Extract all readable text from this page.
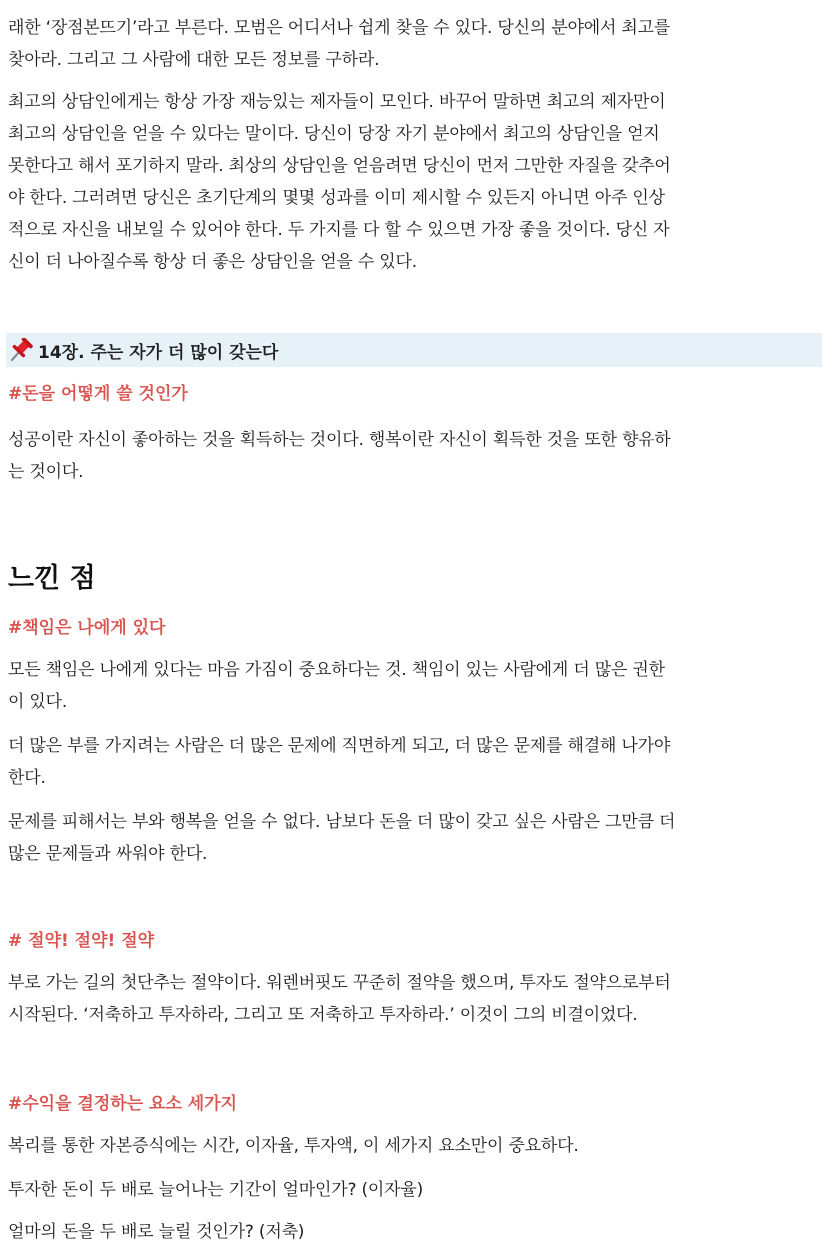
래한 ‘장점본뜨기’라고 부른다. 모범은 어디서나 쉽게 찾을 수 있다. 당신의 분야에서 최고를

찾아라. 그리고 그 사람에 대한 모든 정보를 구하라.

최고의 상담인에게는 항상 가장 재능있는 제자들이 모인다. 바꾸어 말하면 최고의 제자만이

최고의 상담인을 얻을 수 있다는 말이다. 당신이 당장 자기 분야에서 최고의 상담인을 얻지

못한다고 해서 포기하지 말라. 최상의 상담인을 얻음려면 당신이 먼저 그만한 자질을 갖추어

야 한다. 그러려면 당신은 초기단계의 몇몇 성과를 이미 제시할 수 있든지 아니면 아주 인상

적으로 자신을 내보일 수 있어야 한다. 두 가지를 다 할 수 있으면 가장 좋을 것이다. 당신 자

신이 더 나아질수록 항상 더 좋은 상담인을 얻을 수 있다.

14장. 주는 자가 더 많이 갖는다

#돈을 어떻게 쓸 것인가

성공이란 자신이 좋아하는 것을 획득하는 것이다. 행복이란 자신이 획득한 것을 또한 향유하

는 것이다.

느낀 점

#책임은 나에게 있다

모든 책임은 나에게 있다는 마음 가짐이 중요하다는 것. 책임이 있는 사람에게 더 많은 권한

이 있다.

더 많은 부를 가지려는 사람은 더 많은 문제에 직면하게 되고, 더 많은 문제를 해결해 나가야

한다.

문제를 피해서는 부와 행복을 얻을 수 없다. 남보다 돈을 더 많이 갖고 싶은 사람은 그만큼 더

많은 문제들과 싸워야 한다.

# 절약! 절약! 절약

부로 가는 길의 첫단추는 절약이다. 워렌버핏도 꾸준히 절약을 했으며, 투자도 절약으로부터

시작된다. ‘저축하고 투자하라, 그리고 또 저축하고 투자하라.’ 이것이 그의 비결이었다.

#수익을 결정하는 요소 세가지

복리를 통한 자본증식에는 시간, 이자율, 투자액, 이 세가지 요소만이 중요하다.

투자한 돈이 두 배로 늘어나는 기간이 얼마인가? (이자율)

얼마의 돈을 두 배로 늘릴 것인가? (저축)
